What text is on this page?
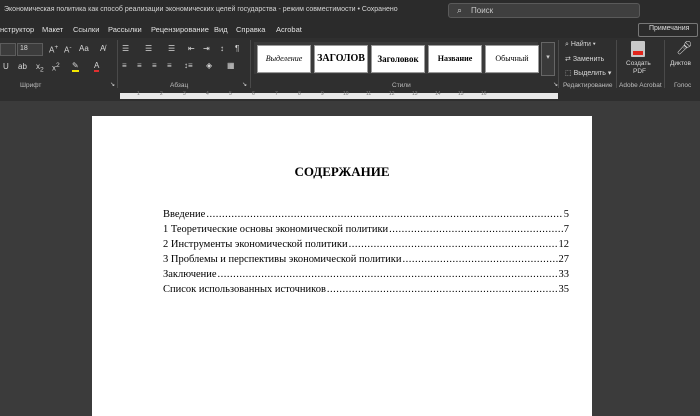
Экономическая политика как способ реализации экономических целей государства - режим совместимости • Сохранено	⌕ Поиск
нструктор Макет Ссылки Рассылки Рецензирование Вид Справка Acrobat	Примечания
18	A+ A- Aa A̸
U ab $x_2$ $x^2$ ✎ A
Шрифт	↘
☰ ☰ ☰ ⇤ ⇥ ↕ ¶
≡ ≡ ≡ ≡ ↕≡ ◈ ▦
Абзац	↘
Выделение	ЗАГОЛОВ	Заголовок	Название	Обычный	▾
Стили	↘
⌕ Найти ▾
⇄ Заменить
⬚ Выделить ▾
Редактирование
Создать
PDF
Adobe Acrobat
🎤︎
Диктов
Голос
1	2	3	4	5	6	7	8	9	10	11	12	13	14	15	16
СОДЕРЖАНИЕ
Введение .....	5
1 Теоретические основы экономической политики .....	7
2 Инструменты экономической политики .....	12
3 Проблемы и перспективы экономической политики .....	27
Заключение .....	33
Список использованных источников .....	35
